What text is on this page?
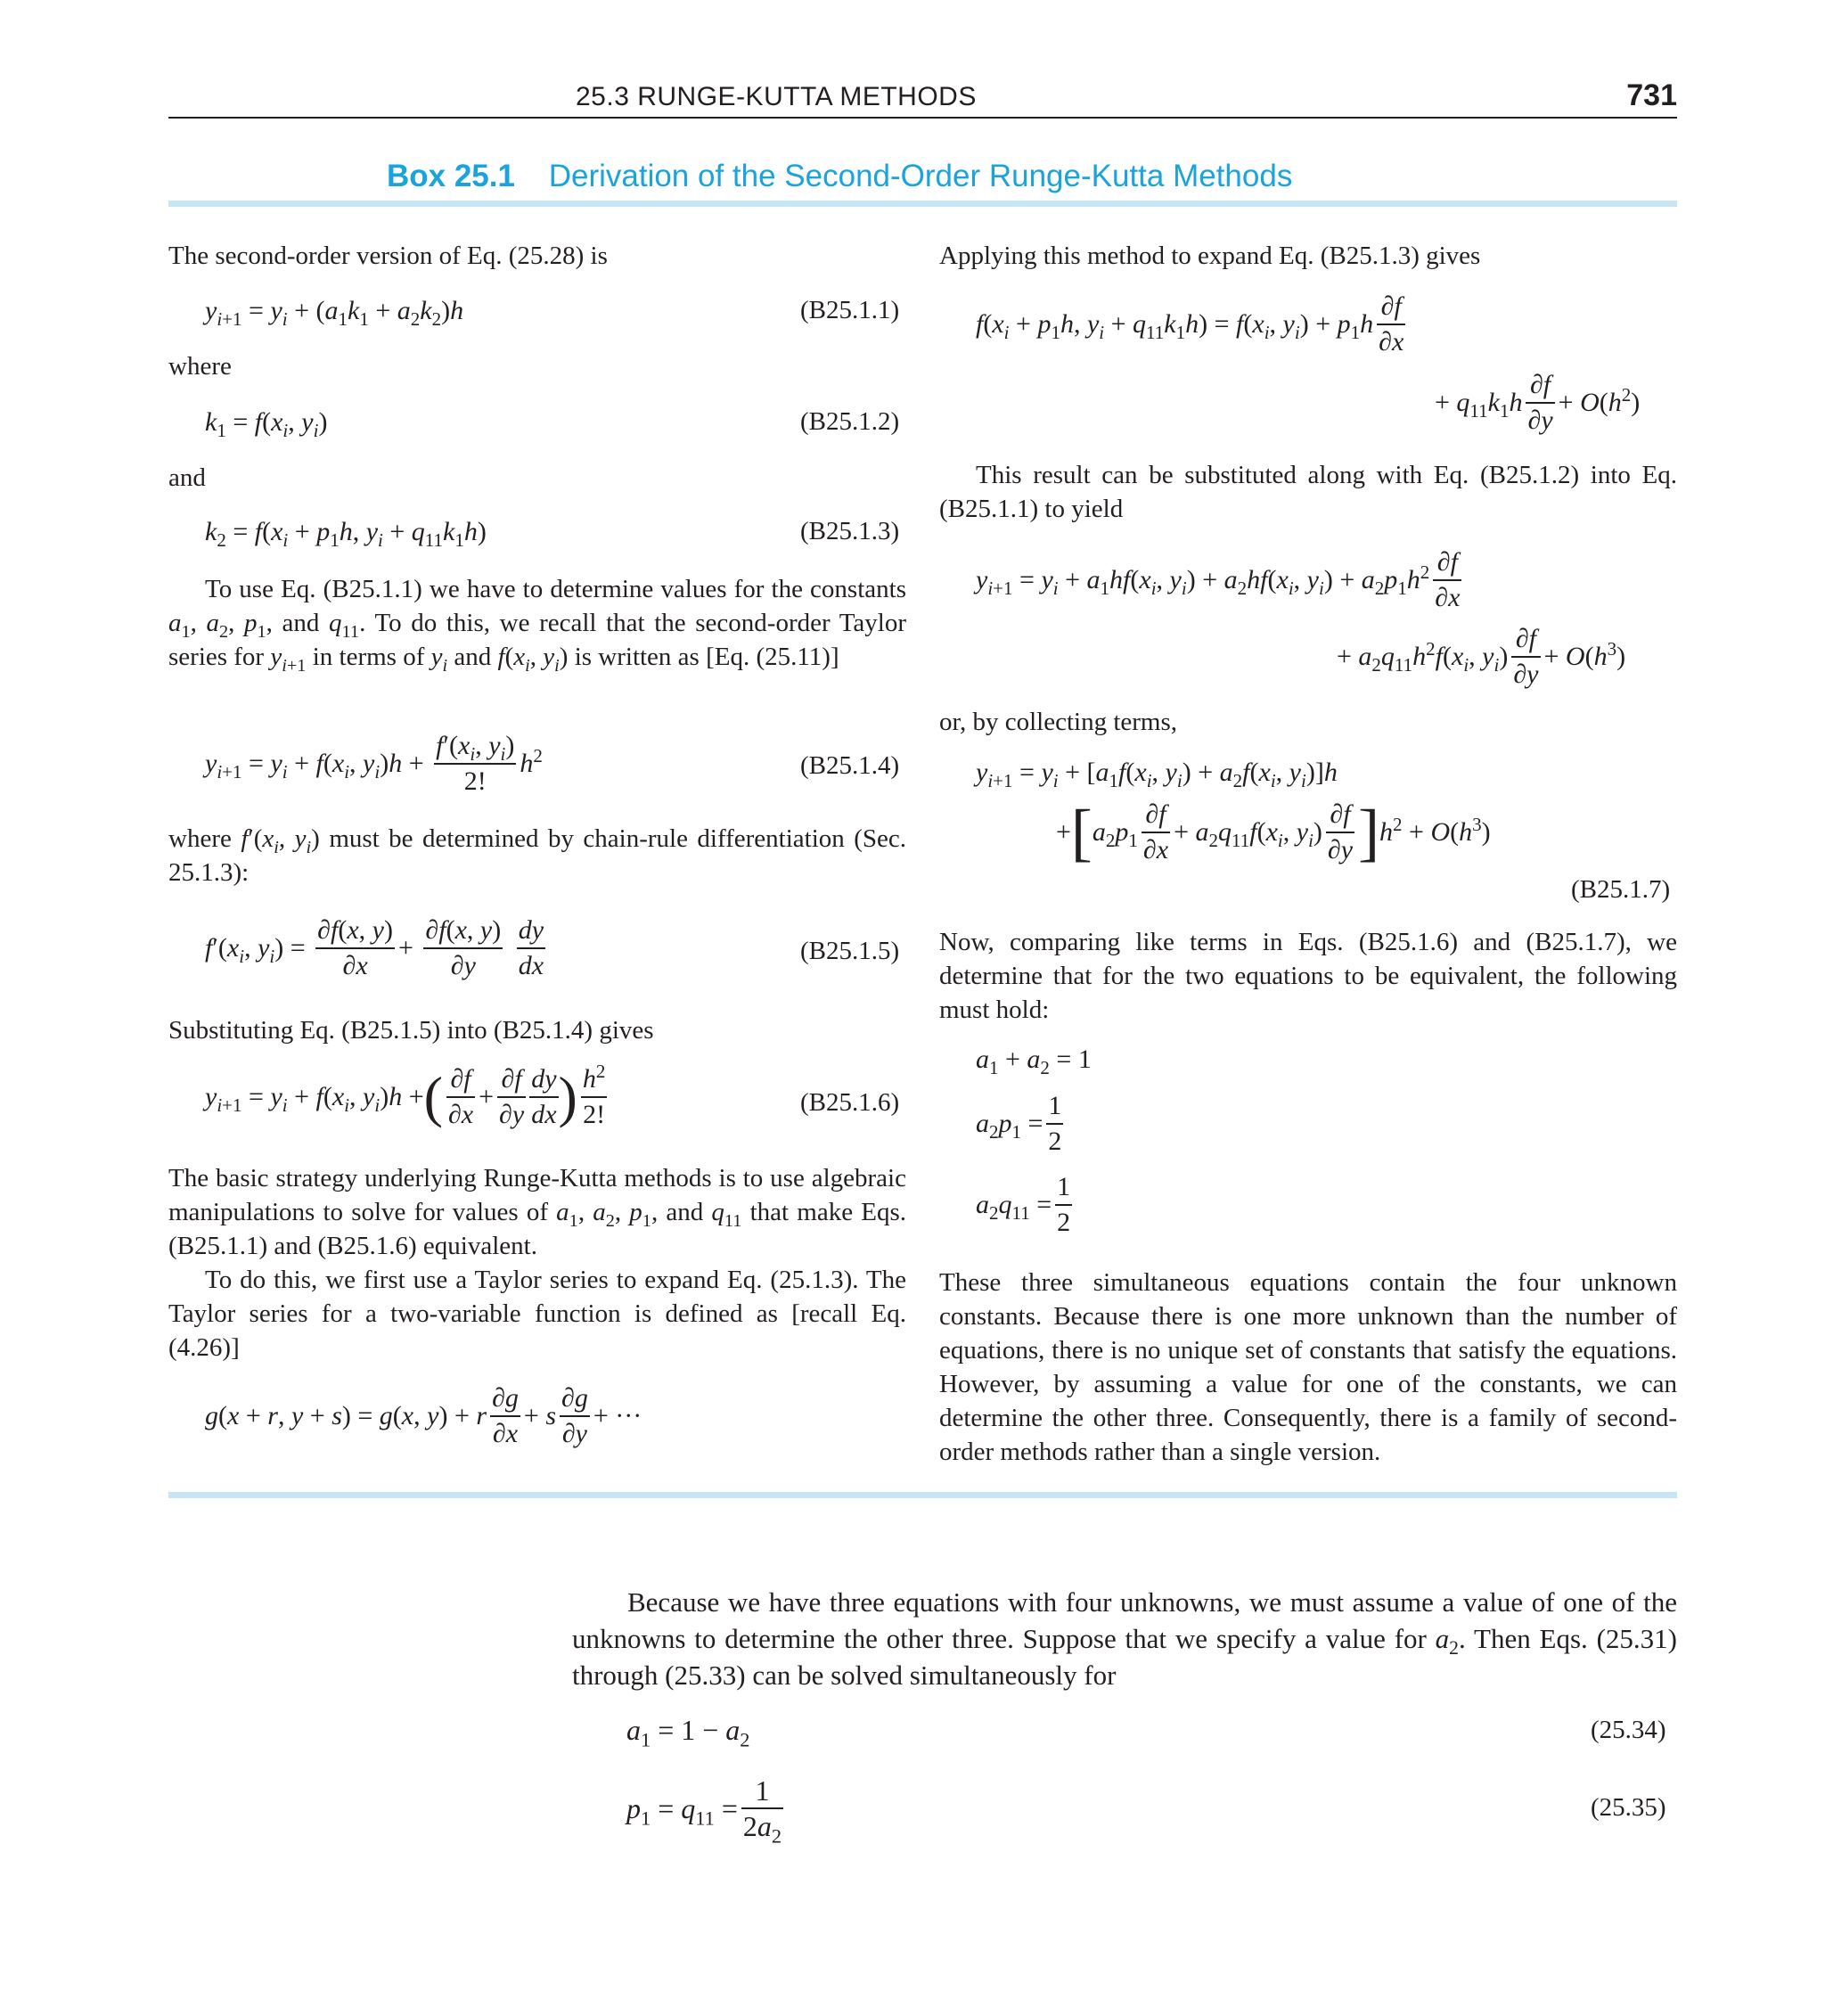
25.3 RUNGE-KUTTA METHODS	731
Box 25.1 Derivation of the Second-Order Runge-Kutta Methods
The second-order version of Eq. (25.28) is
$y_{i+1} = y_i + (a_1k_1 + a_2k_2)h$	(B25.1.1)
where
$k_1 = f(x_i$, $y_i$)	(B25.1.2)
and
$k_2 = f(x_i + p_1h$, $y_i + q_{11}k_1h$)	(B25.1.3)
To use Eq. (B25.1.1) we have to determine values for the constants $a_1$, $a_2$, $p_1$, and $q_{11}$. To do this, we recall that the second-order Taylor series for $y_{i+1}$ in terms of $y_i$ and $f(x_i$, $y_i$) is written as [Eq. (25.11)]
$y_{i+1} = y_i + f(x_i$, $y_i)h + \frac{f'(x_i, y_i)}{2!} h^2$	(B25.1.4)
where $f'(x_i$, $y_i$) must be determined by chain-rule differentiation (Sec. 25.1.3):
$f'(x_i$, $y_i) = \frac{\partial f(x, y)}{\partial x} + \frac{\partial f(x, y)}{\partial y}$
$\frac{dy}{dx}$	(B25.1.5)
Substituting Eq. (B25.1.5) into (B25.1.4) gives
$y_{i+1} = y_i + f(x_i$, $y_i)h$ +( $\frac{\partial f}{\partial x} + \frac{\partial f}{\partial y} \frac{dy}{dx}$ ) $\frac{h^2}{2!}$	(B25.1.6)
The basic strategy underlying Runge-Kutta methods is to use algebraic manipulations to solve for values of $a_1$, $a_2$, $p_1$, and $q_{11}$ that make Eqs. (B25.1.1) and (B25.1.6) equivalent.
To do this, we first use a Taylor series to expand Eq. (25.1.3). The Taylor series for a two-variable function is defined as [recall Eq. (4.26)]
g(x + r, y + s) = g(x, y) + r $\frac{\partial g}{\partial x} + s \frac{\partial g}{\partial y}$ + ···
Applying this method to expand Eq. (B25.1.3) gives
$f(x_i + p_1h$, $y_i + q_{11}k_1h) = f(x_i$, $y_i) + p_1h \frac{\partial f}{\partial x}$
+ $q_{11}k_1h \frac{\partial f}{\partial y} + O(h^2)$
This result can be substituted along with Eq. (B25.1.2) into Eq. (B25.1.1) to yield
$y_{i+1} = y_i + a_1hf(x_i$, $y_i) + a_2hf(x_i$, $y_i) + a_2p_1h^2 \frac{\partial f}{\partial x}$
+ $a_2q_{11}h^2f(x_i$, $y_i) \frac{\partial f}{\partial y} + O(h^3)$
or, by collecting terms,
$y_{i+1} = y_i + [a_1f(x_i$, $y_i) + a_2f(x_i$, $y_i)]h$
$+[a_2p_1 \frac{\partial f}{\partial x} + a_2q_{11}f(x_i$, $y_i) \frac{\partial f}{\partial y} ]h^2 + O(h^3)$
(B25.1.7)
Now, comparing like terms in Eqs. (B25.1.6) and (B25.1.7), we determine that for the two equations to be equivalent, the following must hold:
$a_1 + a_2 = 1$
$a_2p_1 = \frac{1}{2}$
$a_2q_{11} = \frac{1}{2}$
These three simultaneous equations contain the four unknown constants. Because there is one more unknown than the number of equations, there is no unique set of constants that satisfy the equations. However, by assuming a value for one of the constants, we can determine the other three. Consequently, there is a family of second-order methods rather than a single version.
Because we have three equations with four unknowns, we must assume a value of one of the unknowns to determine the other three. Suppose that we specify a value for $a_2$. Then Eqs. (25.31) through (25.33) can be solved simultaneously for
$a_1 = 1 - a_2$	(25.34)
$p_1 = q_{11} = \frac{1}{2a_2}$	(25.35)
